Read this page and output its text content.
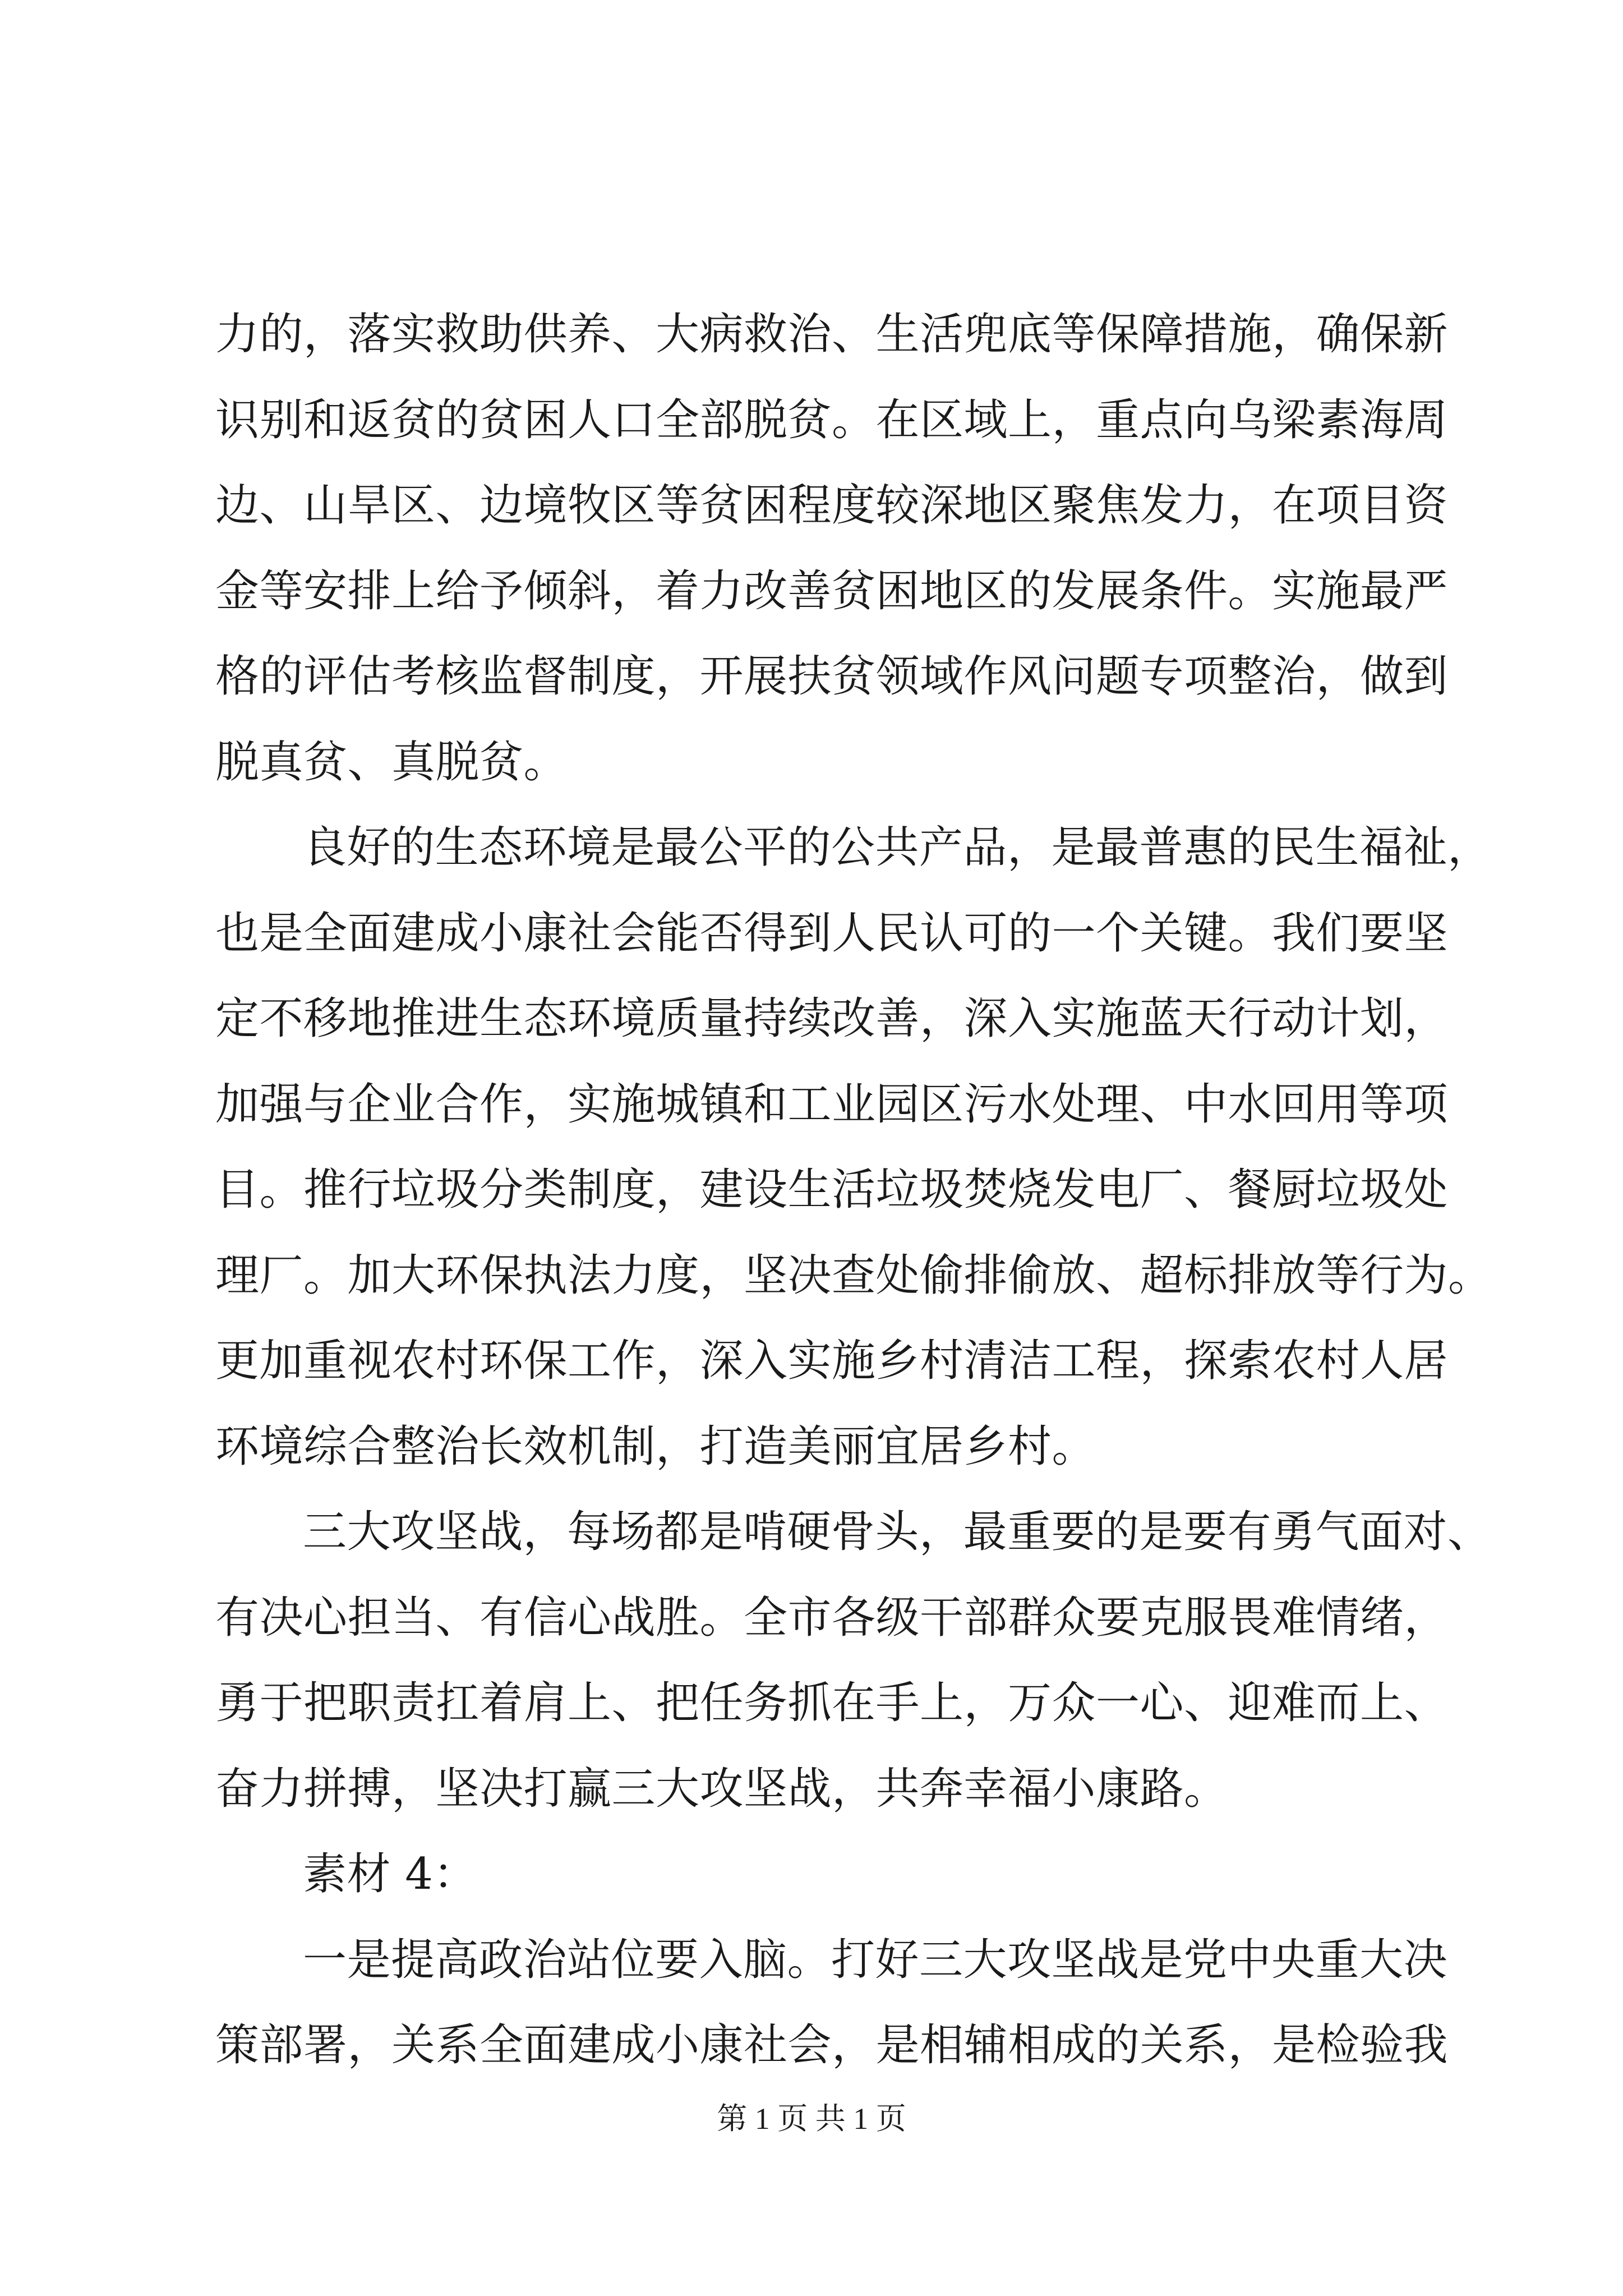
力的，落实救助供养、大病救治、生活兜底等保障措施，确保新
识别和返贫的贫困人口全部脱贫。在区域上，重点向乌梁素海周
边、山旱区、边境牧区等贫困程度较深地区聚焦发力，在项目资
金等安排上给予倾斜，着力改善贫困地区的发展条件。实施最严
格的评估考核监督制度，开展扶贫领域作风问题专项整治，做到
脱真贫、真脱贫。
良好的生态环境是最公平的公共产品，是最普惠的民生福祉，
也是全面建成小康社会能否得到人民认可的一个关键。我们要坚
定不移地推进生态环境质量持续改善，深入实施蓝天行动计划，
加强与企业合作，实施城镇和工业园区污水处理、中水回用等项
目。推行垃圾分类制度，建设生活垃圾焚烧发电厂、餐厨垃圾处
理厂。加大环保执法力度，坚决查处偷排偷放、超标排放等行为。
更加重视农村环保工作，深入实施乡村清洁工程，探索农村人居
环境综合整治长效机制，打造美丽宜居乡村。
三大攻坚战，每场都是啃硬骨头，最重要的是要有勇气面对、
有决心担当、有信心战胜。全市各级干部群众要克服畏难情绪，
勇于把职责扛着肩上、把任务抓在手上，万众一心、迎难而上、
奋力拼搏，坚决打赢三大攻坚战，共奔幸福小康路。
素材 4：
一是提高政治站位要入脑。打好三大攻坚战是党中央重大决
策部署，关系全面建成小康社会，是相辅相成的关系，是检验我
第 1 页 共 1 页
